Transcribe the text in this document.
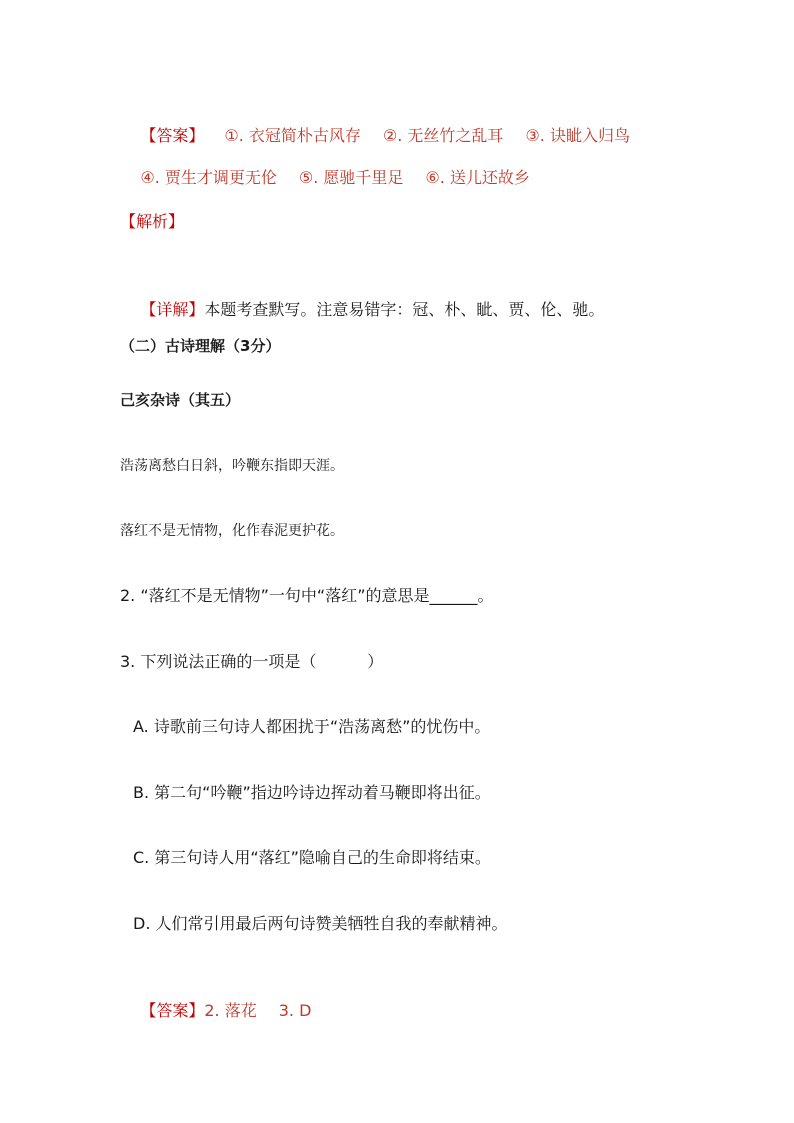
【答案】 ①. 衣冠简朴古风存 ②. 无丝竹之乱耳 ③. 诀眦入归鸟

④. 贾生才调更无伦 ⑤. 愿驰千里足 ⑥. 送儿还故乡

【解析】

【详解】本题考查默写。注意易错字：冠、朴、眦、贾、伦、驰。

（二）古诗理解（3分）
己亥杂诗（其五）
浩荡离愁白日斜，吟鞭东指即天涯。
落红不是无情物，化作春泥更护花。
2. “落红不是无情物”一句中“落红”的意思是______。
3. 下列说法正确的一项是（          ）
A. 诗歌前三句诗人都困扰于“浩荡离愁”的忧伤中。
B. 第二句“吟鞭”指边吟诗边挥动着马鞭即将出征。
C. 第三句诗人用“落红”隐喻自己的生命即将结束。
D. 人们常引用最后两句诗赞美牺牲自我的奉献精神。

【答案】2. 落花 3. D
